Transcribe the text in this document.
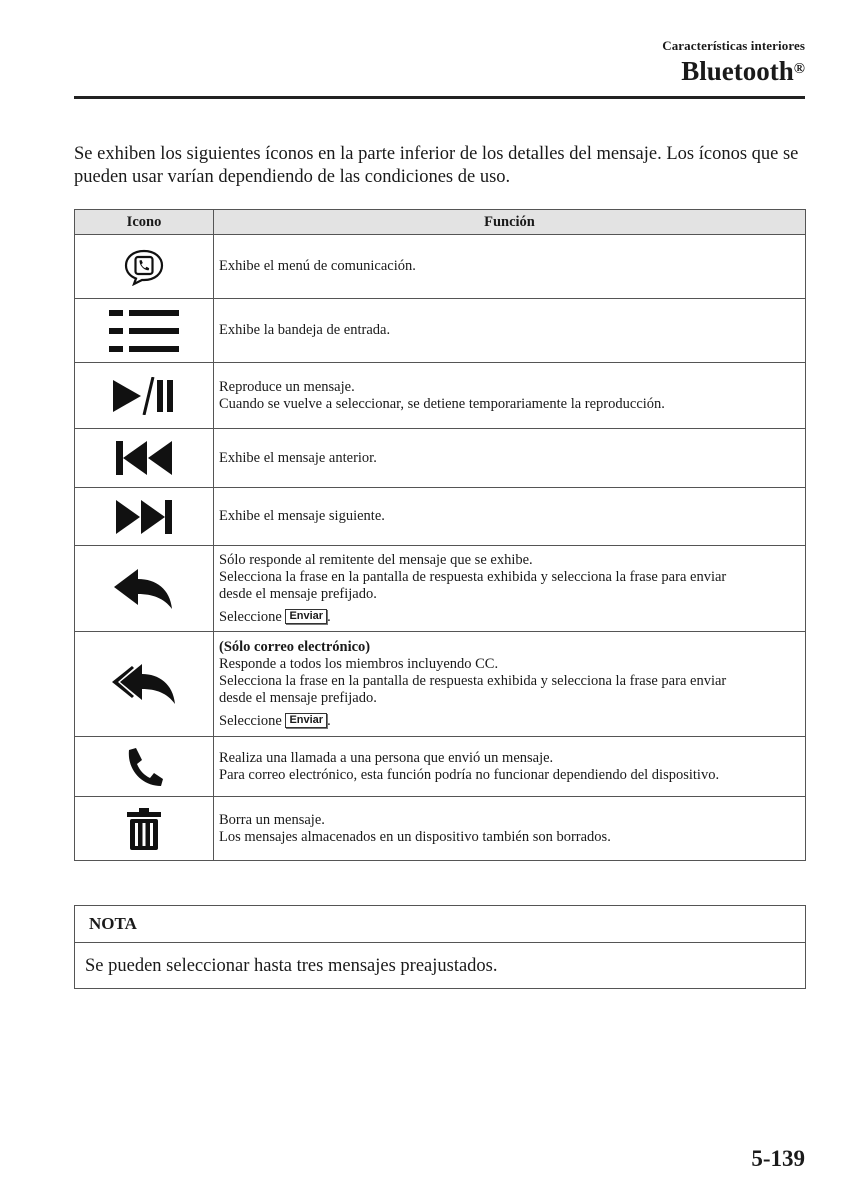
Características interiores
Bluetooth®

Se exhiben los siguientes íconos en la parte inferior de los detalles del mensaje. Los íconos que se pueden usar varían dependiendo de las condiciones de uso.

Icono	Función

Exhibe el menú de comunicación.

Exhibe la bandeja de entrada.

Reproduce un mensaje.
Cuando se vuelve a seleccionar, se detiene temporariamente la reproducción.

Exhibe el mensaje anterior.

Exhibe el mensaje siguiente.

Sólo responde al remitente del mensaje que se exhibe.
Selecciona la frase en la pantalla de respuesta exhibida y selecciona la frase para enviar
desde el mensaje prefijado.
Seleccione Enviar .

(Sólo correo electrónico)
Responde a todos los miembros incluyendo CC.
Selecciona la frase en la pantalla de respuesta exhibida y selecciona la frase para enviar
desde el mensaje prefijado.
Seleccione Enviar .

Realiza una llamada a una persona que envió un mensaje.
Para correo electrónico, esta función podría no funcionar dependiendo del dispositivo.

Borra un mensaje.
Los mensajes almacenados en un dispositivo también son borrados.
NOTA
Se pueden seleccionar hasta tres mensajes preajustados.
5-139
